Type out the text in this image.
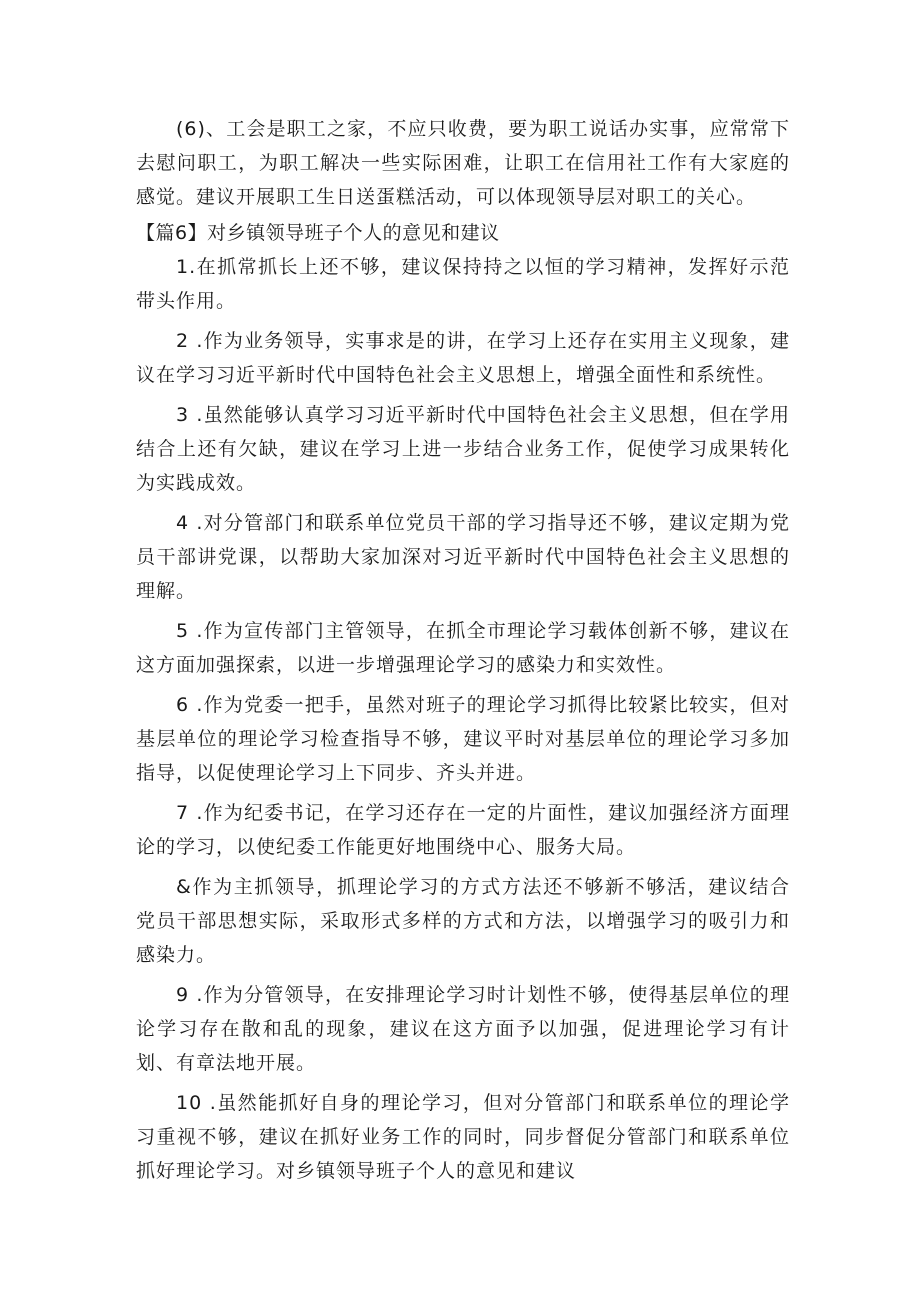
(6)、工会是职工之家，不应只收费，要为职工说话办实事，应常常下去慰问职工，为职工解决一些实际困难，让职工在信用社工作有大家庭的感觉。建议开展职工生日送蛋糕活动，可以体现领导层对职工的关心。

【篇6】对乡镇领导班子个人的意见和建议

1.在抓常抓长上还不够，建议保持持之以恒的学习精神，发挥好示范带头作用。

2 .作为业务领导，实事求是的讲，在学习上还存在实用主义现象，建议在学习习近平新时代中国特色社会主义思想上，增强全面性和系统性。

3 .虽然能够认真学习习近平新时代中国特色社会主义思想，但在学用结合上还有欠缺，建议在学习上进一步结合业务工作，促使学习成果转化为实践成效。

4 .对分管部门和联系单位党员干部的学习指导还不够，建议定期为党员干部讲党课，以帮助大家加深对习近平新时代中国特色社会主义思想的理解。

5 .作为宣传部门主管领导，在抓全市理论学习载体创新不够，建议在这方面加强探索，以进一步增强理论学习的感染力和实效性。

6 .作为党委一把手，虽然对班子的理论学习抓得比较紧比较实，但对基层单位的理论学习检查指导不够，建议平时对基层单位的理论学习多加指导，以促使理论学习上下同步、齐头并进。

7 .作为纪委书记，在学习还存在一定的片面性，建议加强经济方面理论的学习，以使纪委工作能更好地围绕中心、服务大局。

&作为主抓领导，抓理论学习的方式方法还不够新不够活，建议结合党员干部思想实际，采取形式多样的方式和方法，以增强学习的吸引力和感染力。

9 .作为分管领导，在安排理论学习时计划性不够，使得基层单位的理论学习存在散和乱的现象，建议在这方面予以加强，促进理论学习有计划、有章法地开展。

10 .虽然能抓好自身的理论学习，但对分管部门和联系单位的理论学习重视不够，建议在抓好业务工作的同时，同步督促分管部门和联系单位抓好理论学习。对乡镇领导班子个人的意见和建议
